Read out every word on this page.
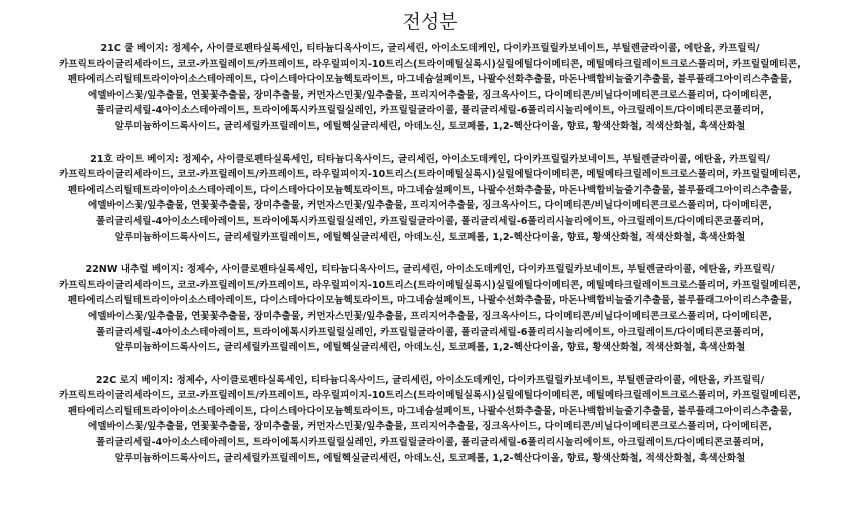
전성분
21C 쿨 베이지: 정제수, 사이클로펜타실록세인, 티타늄디옥사이드, 글리세린, 아이소도데케인, 다이카프릴릴카보네이트, 부틸렌글라이콜, 에탄올, 카프릴릭/카프릭트라이글리세라이드, 코코-카프릴레이트/카프레이트, 라우릴피이지-10트리스(트라이메틸실록시)실릴에틸다이메티콘, 메틸메타크릴레이트크로스폴리머, 카프릴릴메티콘, 펜타에리스리틸테트라이아이소스테아레이트, 다이스테아다이모늄헥토라이트, 마그네슘설페이트, 나팔수선화추출물, 마돈나백합비늘줄기추출물, 블루플래그아이리스추출물, 에델바이스꽃/잎추출물, 연꽃꽃추출물, 장미추출물, 커먼자스민꽃/잎추출물, 프리지어추출물, 징크옥사이드, 다이메티콘/비닐다이메티콘크로스폴리머, 다이메티콘, 폴리글리세릴-4아이소스테아레이트, 트라이에톡시카프릴릴실레인, 카프릴릴글라이콜, 폴리글리세릴-6폴리리시놀리에이트, 아크릴레이트/다이메티콘코폴리머, 알루미늄하이드록사이드, 글리세릴카프릴레이트, 에틸헥실글리세린, 아데노신, 토코페롤, 1,2-헥산다이올, 향료, 황색산화철, 적색산화철, 흑색산화철
21호 라이트 베이지: 정제수, 사이클로펜타실록세인, 티타늄디옥사이드, 글리세린, 아이소도데케인, 다이카프릴릴카보네이트, 부틸렌글라이콜, 에탄올, 카프릴릭/카프릭트라이글리세라이드, 코코-카프릴레이트/카프레이트, 라우릴피이지-10트리스(트라이메틸실록시)실릴에틸다이메티콘, 메틸메타크릴레이트크로스폴리머, 카프릴릴메티콘, 펜타에리스리틸테트라이아이소스테아레이트, 다이스테아다이모늄헥토라이트, 마그네슘설페이트, 나팔수선화추출물, 마돈나백합비늘줄기추출물, 블루플래그아이리스추출물, 에델바이스꽃/잎추출물, 연꽃꽃추출물, 장미추출물, 커먼자스민꽃/잎추출물, 프리지어추출물, 징크옥사이드, 다이메티콘/비닐다이메티콘크로스폴리머, 다이메티콘, 폴리글리세릴-4아이소스테아레이트, 트라이에톡시카프릴릴실레인, 카프릴릴글라이콜, 폴리글리세릴-6폴리리시놀리에이트, 아크릴레이트/다이메티콘코폴리머, 알루미늄하이드록사이드, 글리세릴카프릴레이트, 에틸헥실글리세린, 아데노신, 토코페롤, 1,2-헥산다이올, 향료, 황색산화철, 적색산화철, 흑색산화철
22NW 내추럴 베이지: 정제수, 사이클로펜타실록세인, 티타늄디옥사이드, 글리세린, 아이소도데케인, 다이카프릴릴카보네이트, 부틸렌글라이콜, 에탄올, 카프릴릭/카프릭트라이글리세라이드, 코코-카프릴레이트/카프레이트, 라우릴피이지-10트리스(트라이메틸실록시)실릴에틸다이메티콘, 메틸메타크릴레이트크로스폴리머, 카프릴릴메티콘, 펜타에리스리틸테트라이아이소스테아레이트, 다이스테아다이모늄헥토라이트, 마그네슘설페이트, 나팔수선화추출물, 마돈나백합비늘줄기추출물, 블루플래그아이리스추출물, 에델바이스꽃/잎추출물, 연꽃꽃추출물, 장미추출물, 커먼자스민꽃/잎추출물, 프리지어추출물, 징크옥사이드, 다이메티콘/비닐다이메티콘크로스폴리머, 다이메티콘, 폴리글리세릴-4아이소스테아레이트, 트라이에톡시카프릴릴실레인, 카프릴릴글라이콜, 폴리글리세릴-6폴리리시놀리에이트, 아크릴레이트/다이메티콘코폴리머, 알루미늄하이드록사이드, 글리세릴카프릴레이트, 에틸헥실글리세린, 아데노신, 토코페롤, 1,2-헥산다이올, 향료, 황색산화철, 적색산화철, 흑색산화철
22C 로지 베이지: 정제수, 사이클로펜타실록세인, 티타늄디옥사이드, 글리세린, 아이소도데케인, 다이카프릴릴카보네이트, 부틸렌글라이콜, 에탄올, 카프릴릭/카프릭트라이글리세라이드, 코코-카프릴레이트/카프레이트, 라우릴피이지-10트리스(트라이메틸실록시)실릴에틸다이메티콘, 메틸메타크릴레이트크로스폴리머, 카프릴릴메티콘, 펜타에리스리틸테트라이아이소스테아레이트, 다이스테아다이모늄헥토라이트, 마그네슘설페이트, 나팔수선화추출물, 마돈나백합비늘줄기추출물, 블루플래그아이리스추출물, 에델바이스꽃/잎추출물, 연꽃꽃추출물, 장미추출물, 커먼자스민꽃/잎추출물, 프리지어추출물, 징크옥사이드, 다이메티콘/비닐다이메티콘크로스폴리머, 다이메티콘, 폴리글리세릴-4아이소스테아레이트, 트라이에톡시카프릴릴실레인, 카프릴릴글라이콜, 폴리글리세릴-6폴리리시놀리에이트, 아크릴레이트/다이메티콘코폴리머, 알루미늄하이드록사이드, 글리세릴카프릴레이트, 에틸헥실글리세린, 아데노신, 토코페롤, 1,2-헥산다이올, 향료, 황색산화철, 적색산화철, 흑색산화철
